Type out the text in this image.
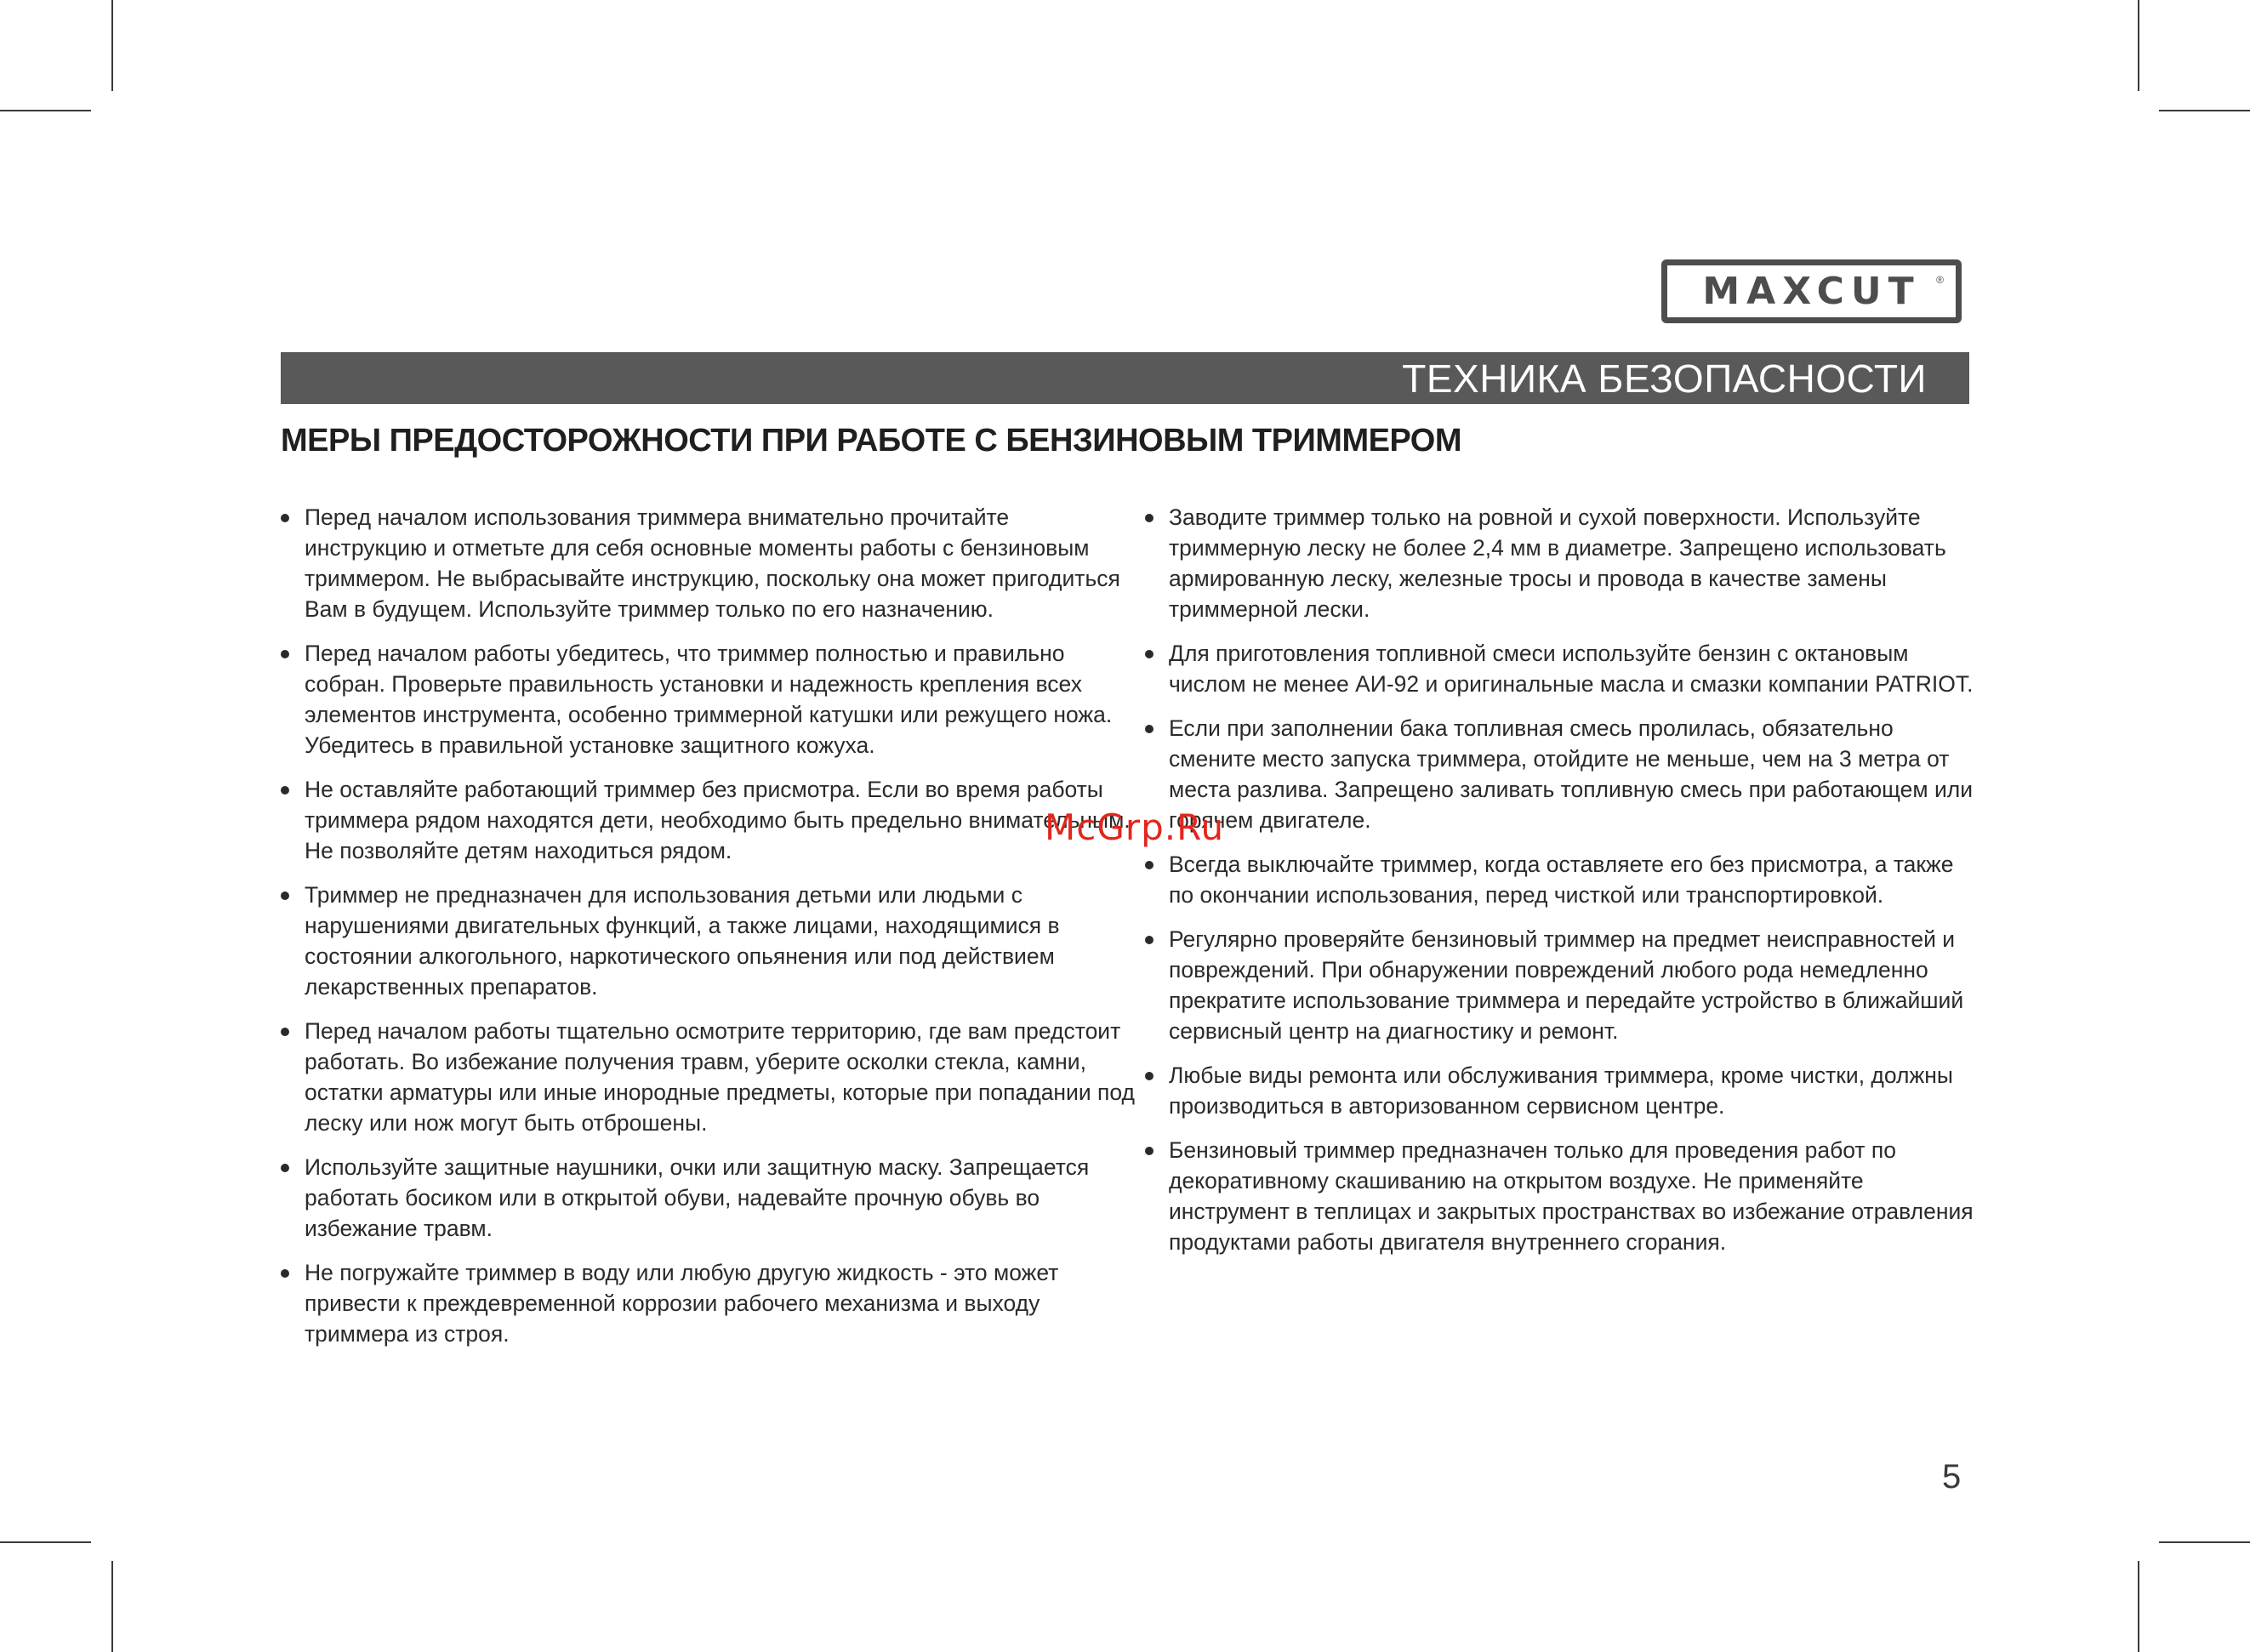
MAXCUT ®
ТЕХНИКА БЕЗОПАСНОСТИ
МЕРЫ ПРЕДОСТОРОЖНОСТИ ПРИ РАБОТЕ С БЕНЗИНОВЫМ ТРИММЕРОМ
Перед началом использования триммера внимательно прочитайте инструкцию и отметьте для себя основные моменты работы с бензиновым триммером. Не выбрасывайте инструкцию, поскольку она может пригодиться Вам в будущем. Используйте триммер только по его назначению.
Перед началом работы убедитесь, что триммер полностью и правильно собран. Проверьте правильность установки и надежность крепления всех элементов инструмента, особенно триммерной катушки или режущего ножа. Убедитесь в правильной установке защитного кожуха.
Не оставляйте работающий триммер без присмотра. Если во время работы триммера рядом находятся дети, необходимо быть предельно внимательным. Не позволяйте детям находиться рядом.
Триммер не предназначен для использования детьми или людьми с нарушениями двигательных функций, а также лицами, находящимися в состоянии алкогольного, наркотического опьянения или под действием лекарственных препаратов.
Перед началом работы тщательно осмотрите территорию, где вам предстоит работать. Во избежание получения травм, уберите осколки стекла, камни, остатки арматуры или иные инородные предметы, которые при попадании под леску или нож могут быть отброшены.
Используйте защитные наушники, очки или защитную маску. Запрещается работать босиком или в открытой обуви, надевайте прочную обувь во избежание травм.
Не погружайте триммер в воду или любую другую жидкость - это может привести к преждевременной коррозии рабочего механизма и выходу триммера из строя.
Заводите триммер только на ровной и сухой поверхности. Используйте триммерную леску не более 2,4 мм в диаметре. Запрещено использовать армированную леску, железные тросы и провода в качестве замены триммерной лески.
Для приготовления топливной смеси используйте бензин с октановым числом не менее АИ-92 и оригинальные масла и смазки компании PATRIOT.
Если при заполнении бака топливная смесь пролилась, обязательно смените место запуска триммера, отойдите не меньше, чем на 3 метра от места разлива. Запрещено заливать топливную смесь при работающем или горячем двигателе.
Всегда выключайте триммер, когда оставляете его без присмотра, а также по окончании использования, перед чисткой или транспортировкой.
Регулярно проверяйте бензиновый триммер на предмет неисправностей и повреждений. При обнаружении повреждений любого рода немедленно прекратите использование триммера и передайте устройство в ближайший сервисный центр на диагностику и ремонт.
Любые виды ремонта или обслуживания триммера, кроме чистки, должны производиться в авторизованном сервисном центре.
Бензиновый триммер предназначен только для проведения работ по декоративному скашиванию на открытом воздухе. Не применяйте инструмент в теплицах и закрытых пространствах во избежание отравления продуктами работы двигателя внутреннего сгорания.
McGrp.Ru
5
